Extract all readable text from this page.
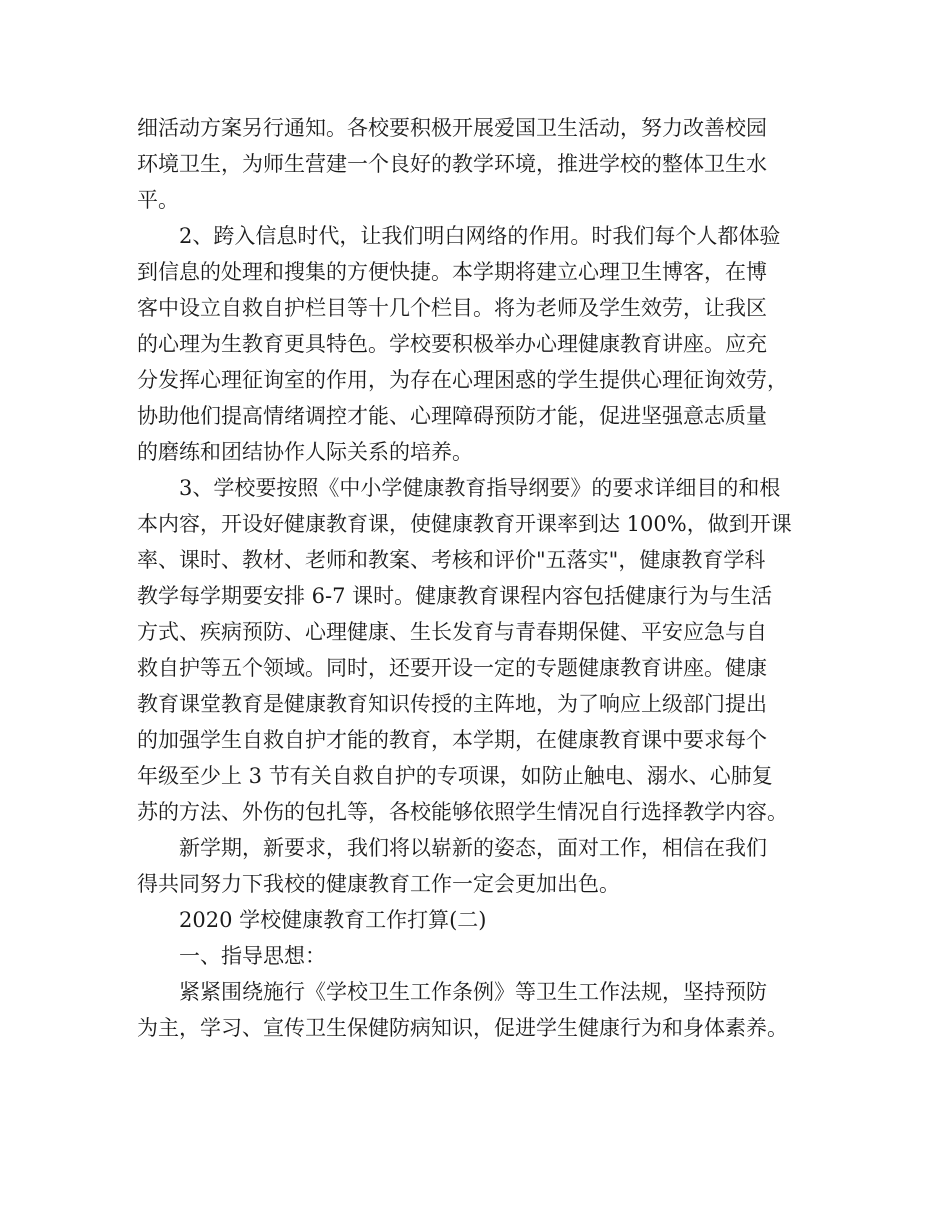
细活动方案另行通知。各校要积极开展爱国卫生活动，努力改善校园
环境卫生，为师生营建一个良好的教学环境，推进学校的整体卫生水
平。
2、跨入信息时代，让我们明白网络的作用。时我们每个人都体验
到信息的处理和搜集的方便快捷。本学期将建立心理卫生博客，在博
客中设立自救自护栏目等十几个栏目。将为老师及学生效劳，让我区
的心理为生教育更具特色。学校要积极举办心理健康教育讲座。应充
分发挥心理征询室的作用，为存在心理困惑的学生提供心理征询效劳，
协助他们提高情绪调控才能、心理障碍预防才能，促进坚强意志质量
的磨练和团结协作人际关系的培养。
3、学校要按照《中小学健康教育指导纲要》的要求详细目的和根
本内容，开设好健康教育课，使健康教育开课率到达 100%，做到开课
率、课时、教材、老师和教案、考核和评价"五落实"，健康教育学科
教学每学期要安排 6-7 课时。健康教育课程内容包括健康行为与生活
方式、疾病预防、心理健康、生长发育与青春期保健、平安应急与自
救自护等五个领域。同时，还要开设一定的专题健康教育讲座。健康
教育课堂教育是健康教育知识传授的主阵地，为了响应上级部门提出
的加强学生自救自护才能的教育，本学期，在健康教育课中要求每个
年级至少上 3 节有关自救自护的专项课，如防止触电、溺水、心肺复
苏的方法、外伤的包扎等，各校能够依照学生情况自行选择教学内容。
新学期，新要求，我们将以崭新的姿态，面对工作，相信在我们
得共同努力下我校的健康教育工作一定会更加出色。
2020 学校健康教育工作打算(二)
一、指导思想：
紧紧围绕施行《学校卫生工作条例》等卫生工作法规，坚持预防
为主，学习、宣传卫生保健防病知识，促进学生健康行为和身体素养。
